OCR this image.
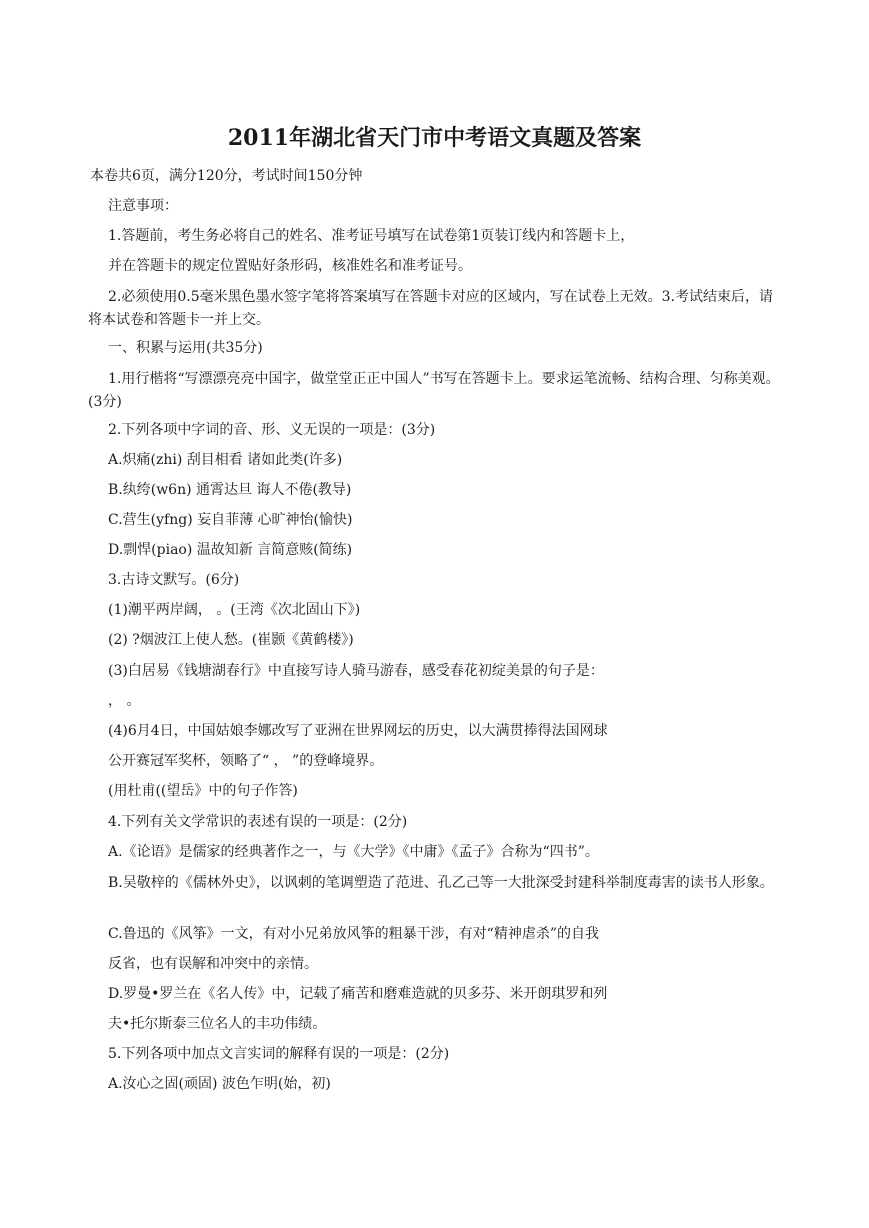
2011年湖北省天门市中考语文真题及答案
本卷共6页，满分120分，考试时间150分钟
注意事项：
1.答题前，考生务必将自己的姓名、准考证号填写在试卷第1页装订线内和答题卡上，
并在答题卡的规定位置贴好条形码，核准姓名和准考证号。
2.必须使用0.5毫米黑色墨水签字笔将答案填写在答题卡对应的区域内，写在试卷上无效。3.考试结束后，请将本试卷和答题卡一并上交。
一、积累与运用(共35分)
1.用行楷将“写漂漂亮亮中国字，做堂堂正正中国人”书写在答题卡上。要求运笔流畅、结构合理、匀称美观。(3分)
2.下列各项中字词的音、形、义无误的一项是：(3分)
A.炽痛(zhi) 刮目相看 诸如此类(许多)
B.纨绔(w6n) 通霄达旦 诲人不倦(教导)
C.营生(yfng) 妄自菲薄 心旷神怡(愉快)
D.剽悍(piao) 温故知新 言简意赅(简练)
3.古诗文默写。(6分)
(1)潮平两岸阔， 。(王湾《次北固山下》)
(2) ?烟波江上使人愁。(崔颢《黄鹤楼》)
(3)白居易《钱塘湖春行》中直接写诗人骑马游春，感受春花初绽美景的句子是：
， 。
(4)6月4日，中国姑娘李娜改写了亚洲在世界网坛的历史，以大满贯捧得法国网球
公开赛冠军奖杯，领略了“ ， ”的登峰境界。
(用杜甫((望岳》中的句子作答)
4.下列有关文学常识的表述有误的一项是：(2分)
A.《论语》是儒家的经典著作之一，与《大学》《中庸》《孟子》合称为“四书”。
B.吴敬梓的《儒林外史》，以讽刺的笔调塑造了范进、孔乙己等一大批深受封建科举制度毒害的读书人形象。
C.鲁迅的《风筝》一文，有对小兄弟放风筝的粗暴干涉，有对“精神虐杀”的自我
反省，也有误解和冲突中的亲情。
D.罗曼•罗兰在《名人传》中，记载了痛苦和磨难造就的贝多芬、米开朗琪罗和列
夫•托尔斯泰三位名人的丰功伟绩。
5.下列各项中加点文言实词的解释有误的一项是：(2分)
A.汝心之固(顽固) 波色乍明(始，初)
